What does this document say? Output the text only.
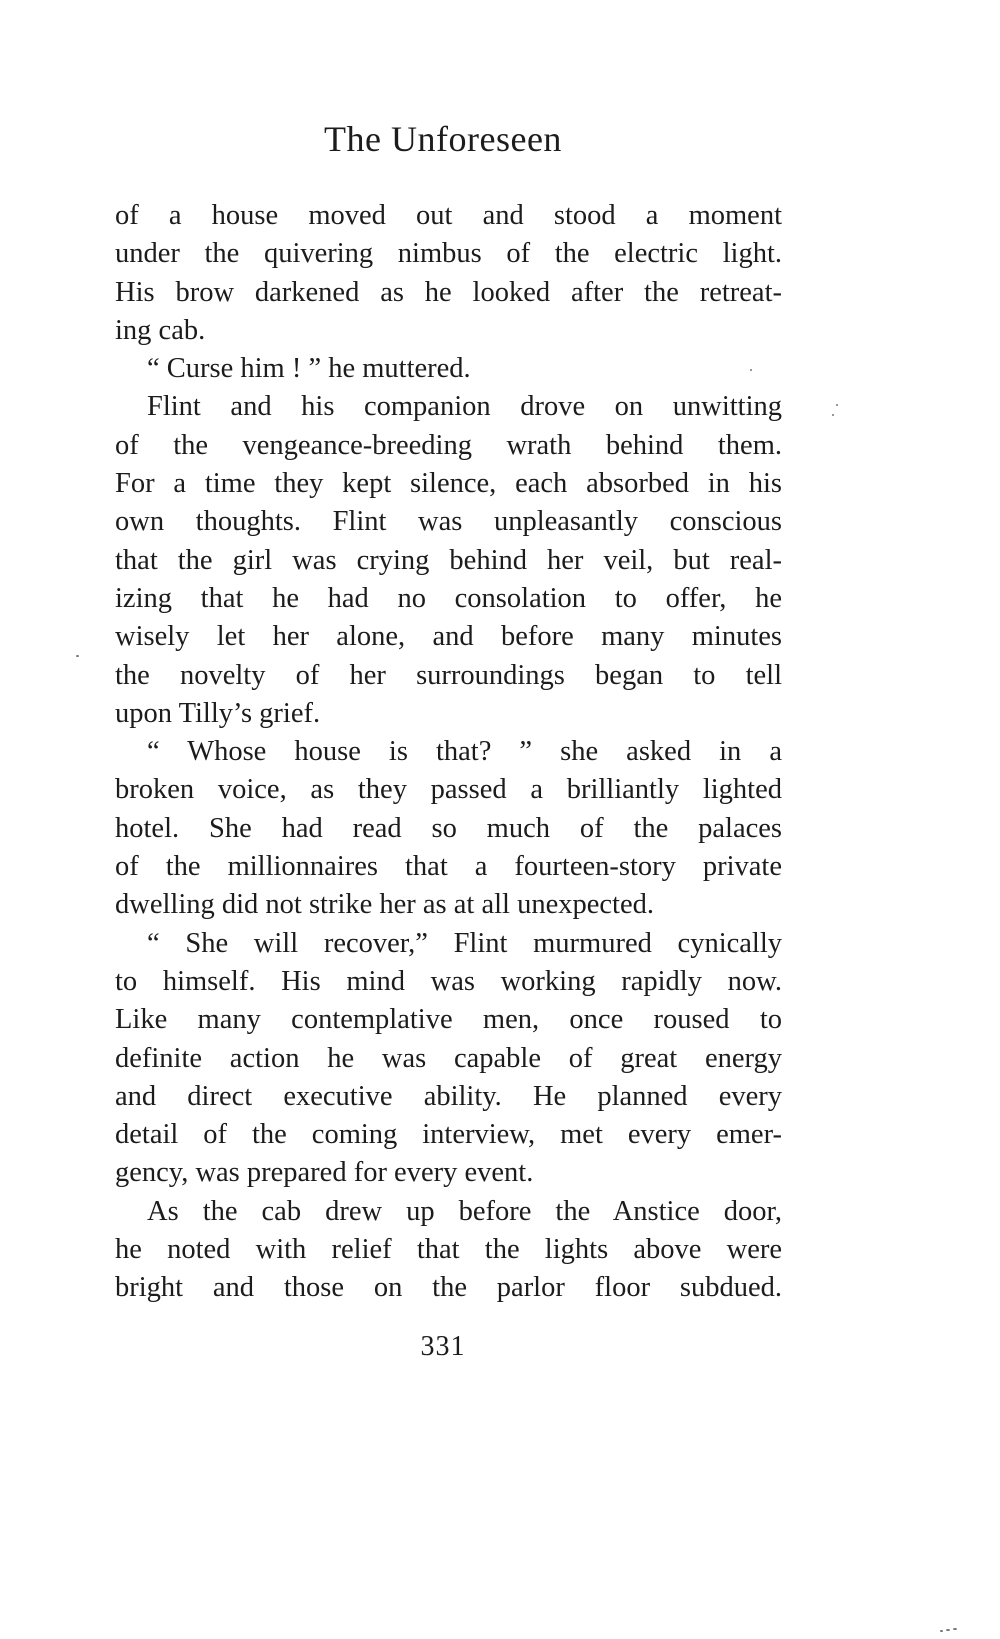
The Unforeseen

of a house moved out and stood a moment

under the quivering nimbus of the electric light.

His brow darkened as he looked after the retreat-

ing cab.

“ Curse him ! ” he muttered.

Flint and his companion drove on unwitting

of the vengeance-breeding wrath behind them.

For a time they kept silence, each absorbed in his

own thoughts. Flint was unpleasantly conscious

that the girl was crying behind her veil, but real-

izing that he had no consolation to offer, he

wisely let her alone, and before many minutes

the novelty of her surroundings began to tell

upon Tilly’s grief.

“ Whose house is that? ” she asked in a

broken voice, as they passed a brilliantly lighted

hotel. She had read so much of the palaces

of the millionnaires that a fourteen-story private

dwelling did not strike her as at all unexpected.

“ She will recover,” Flint murmured cynically

to himself. His mind was working rapidly now.

Like many contemplative men, once roused to

definite action he was capable of great energy

and direct executive ability. He planned every

detail of the coming interview, met every emer-

gency, was prepared for every event.

As the cab drew up before the Anstice door,

he noted with relief that the lights above were

bright and those on the parlor floor subdued.

331
